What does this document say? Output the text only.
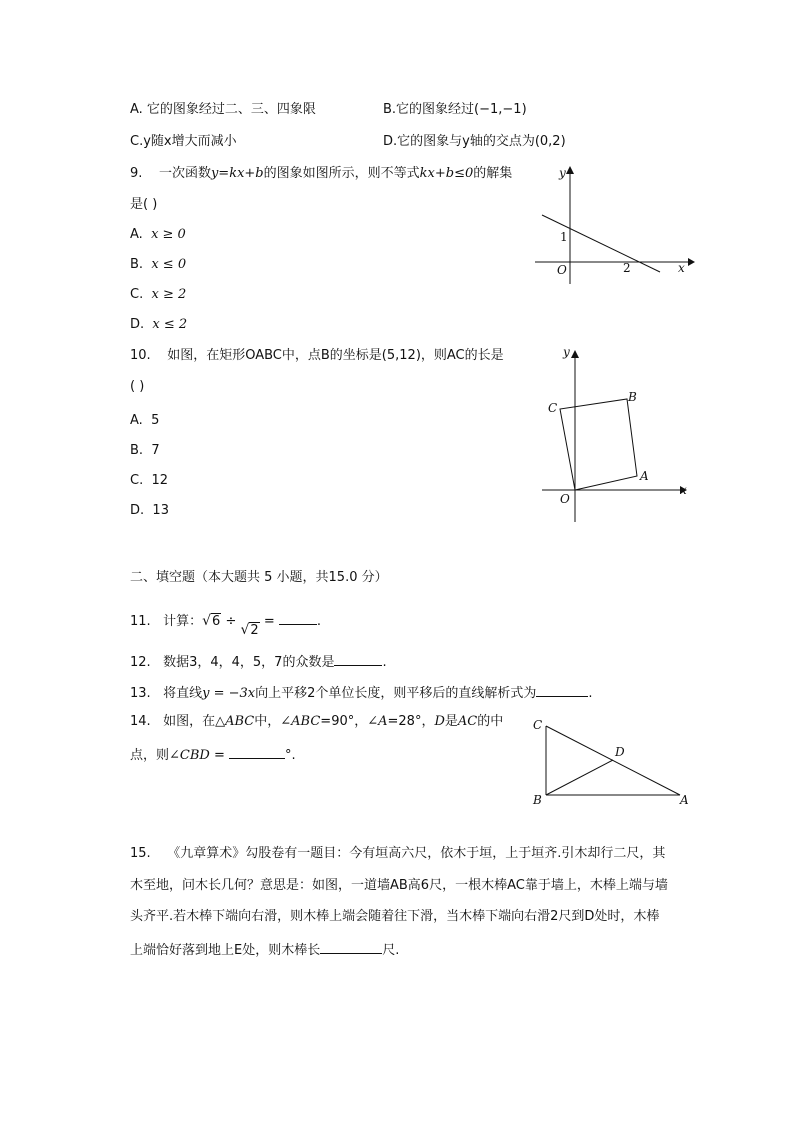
A. 它的图象经过二、三、四象限	B.它的图象经过(−1,−1)
C.y随x增大而减小	D.它的图象与y轴的交点为(0,2)
9. 一次函数y=kx+b的图象如图所示，则不等式kx+b≤0的解集
是( )
A. x ≥ 0
B. x ≤ 0
C. x ≥ 2
D. x ≤ 2
y
x
O
1
2
10. 如图，在矩形OABC中，点B的坐标是(5,12)，则AC的长是
( )
A. 5
B. 7
C. 12
D. 13
y
x
O
A
B
C
二、填空题（本大题共 5 小题，共15.0 分）
11. 计算：√6 ÷ √2 =	.
12. 数据3，4，4，5，7的众数是	.
13. 将直线y = −3x向上平移2个单位长度，则平移后的直线解析式为	.
14. 如图，在△ABC中，∠ABC=90°，∠A=28°，D是AC的中
点，则∠CBD =	°.
C
B	A
D
15. 《九章算术》勾股卷有一题目：今有垣高六尺，依木于垣，上于垣齐.引木却行二尺，其
木至地，问木长几何？意思是：如图，一道墙AB高6尺，一根木棒AC靠于墙上，木棒上端与墙
头齐平.若木棒下端向右滑，则木棒上端会随着往下滑，当木棒下端向右滑2尺到D处时，木棒
上端恰好落到地上E处，则木棒长	尺.
